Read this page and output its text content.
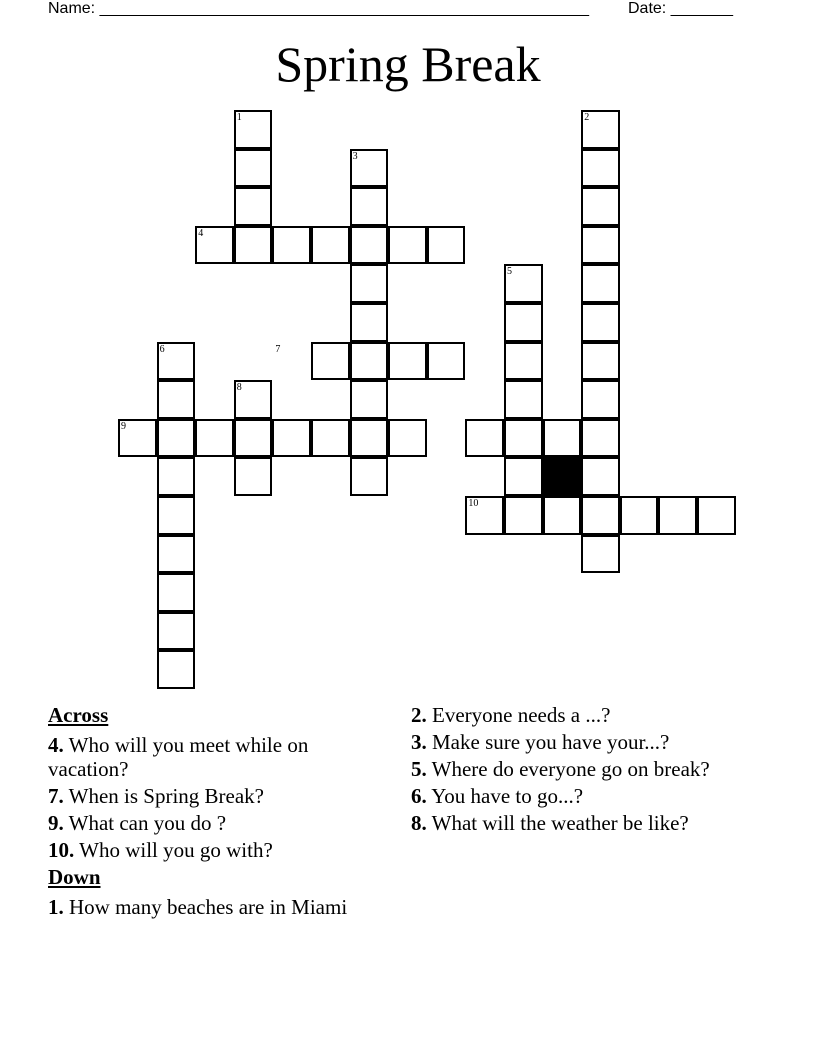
Name: _______________________________________________________ Date: _______
Spring Break
1	2
3
4
5
6	7
8
9
10
Across
4. Who will you meet while on vacation?
7. When is Spring Break?
9. What can you do ?
10. Who will you go with?
Down
1. How many beaches are in Miami
2. Everyone needs a ...?
3. Make sure you have your...?
5. Where do everyone go on break?
6. You have to go...?
8. What will the weather be like?
